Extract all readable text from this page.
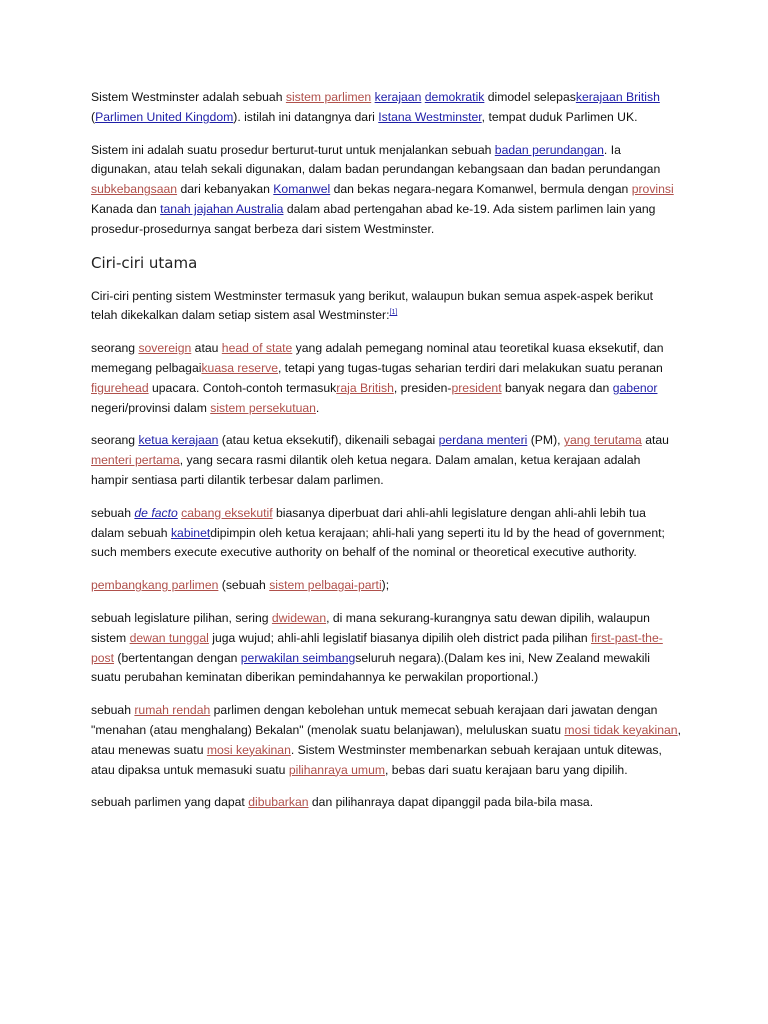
Sistem Westminster adalah sebuah sistem parlimen kerajaan demokratik dimodel selepaskerajaan British (Parlimen United Kingdom). istilah ini datangnya dari Istana Westminster, tempat duduk Parlimen UK.

Sistem ini adalah suatu prosedur berturut-turut untuk menjalankan sebuah badan perundangan. Ia digunakan, atau telah sekali digunakan, dalam badan perundangan kebangsaan dan badan perundangan subkebangsaan dari kebanyakan Komanwel dan bekas negara-negara Komanwel, bermula dengan provinsi Kanada dan tanah jajahan Australia dalam abad pertengahan abad ke-19. Ada sistem parlimen lain yang prosedur-prosedurnya sangat berbeza dari sistem Westminster.

Ciri-ciri utama

Ciri-ciri penting sistem Westminster termasuk yang berikut, walaupun bukan semua aspek-aspek berikut telah dikekalkan dalam setiap sistem asal Westminster:[1]

seorang sovereign atau head of state yang adalah pemegang nominal atau teoretikal kuasa eksekutif, dan memegang pelbagaikuasa reserve, tetapi yang tugas-tugas seharian terdiri dari melakukan suatu peranan figurehead upacara. Contoh-contoh termasukraja British, presiden-president banyak negara dan gabenor negeri/provinsi dalam sistem persekutuan.

seorang ketua kerajaan (atau ketua eksekutif), dikenaili sebagai perdana menteri (PM), yang terutama atau menteri pertama, yang secara rasmi dilantik oleh ketua negara. Dalam amalan, ketua kerajaan adalah hampir sentiasa parti dilantik terbesar dalam parlimen.

sebuah de facto cabang eksekutif biasanya diperbuat dari ahli-ahli legislature dengan ahli-ahli lebih tua dalam sebuah kabinetdipimpin oleh ketua kerajaan; ahli-hali yang seperti itu ld by the head of government; such members execute executive authority on behalf of the nominal or theoretical executive authority.

pembangkang parlimen (sebuah sistem pelbagai-parti);

sebuah legislature pilihan, sering dwidewan, di mana sekurang-kurangnya satu dewan dipilih, walaupun sistem dewan tunggal juga wujud; ahli-ahli legislatif biasanya dipilih oleh district pada pilihan first-past-the-post (bertentangan dengan perwakilan seimbangseluruh negara).(Dalam kes ini, New Zealand mewakili suatu perubahan keminatan diberikan pemindahannya ke perwakilan proportional.)

sebuah rumah rendah parlimen dengan kebolehan untuk memecat sebuah kerajaan dari jawatan dengan "menahan (atau menghalang) Bekalan" (menolak suatu belanjawan), meluluskan suatu mosi tidak keyakinan, atau menewas suatu mosi keyakinan. Sistem Westminster membenarkan sebuah kerajaan untuk ditewas, atau dipaksa untuk memasuki suatu pilihanraya umum, bebas dari suatu kerajaan baru yang dipilih.

sebuah parlimen yang dapat dibubarkan dan pilihanraya dapat dipanggil pada bila-bila masa.
